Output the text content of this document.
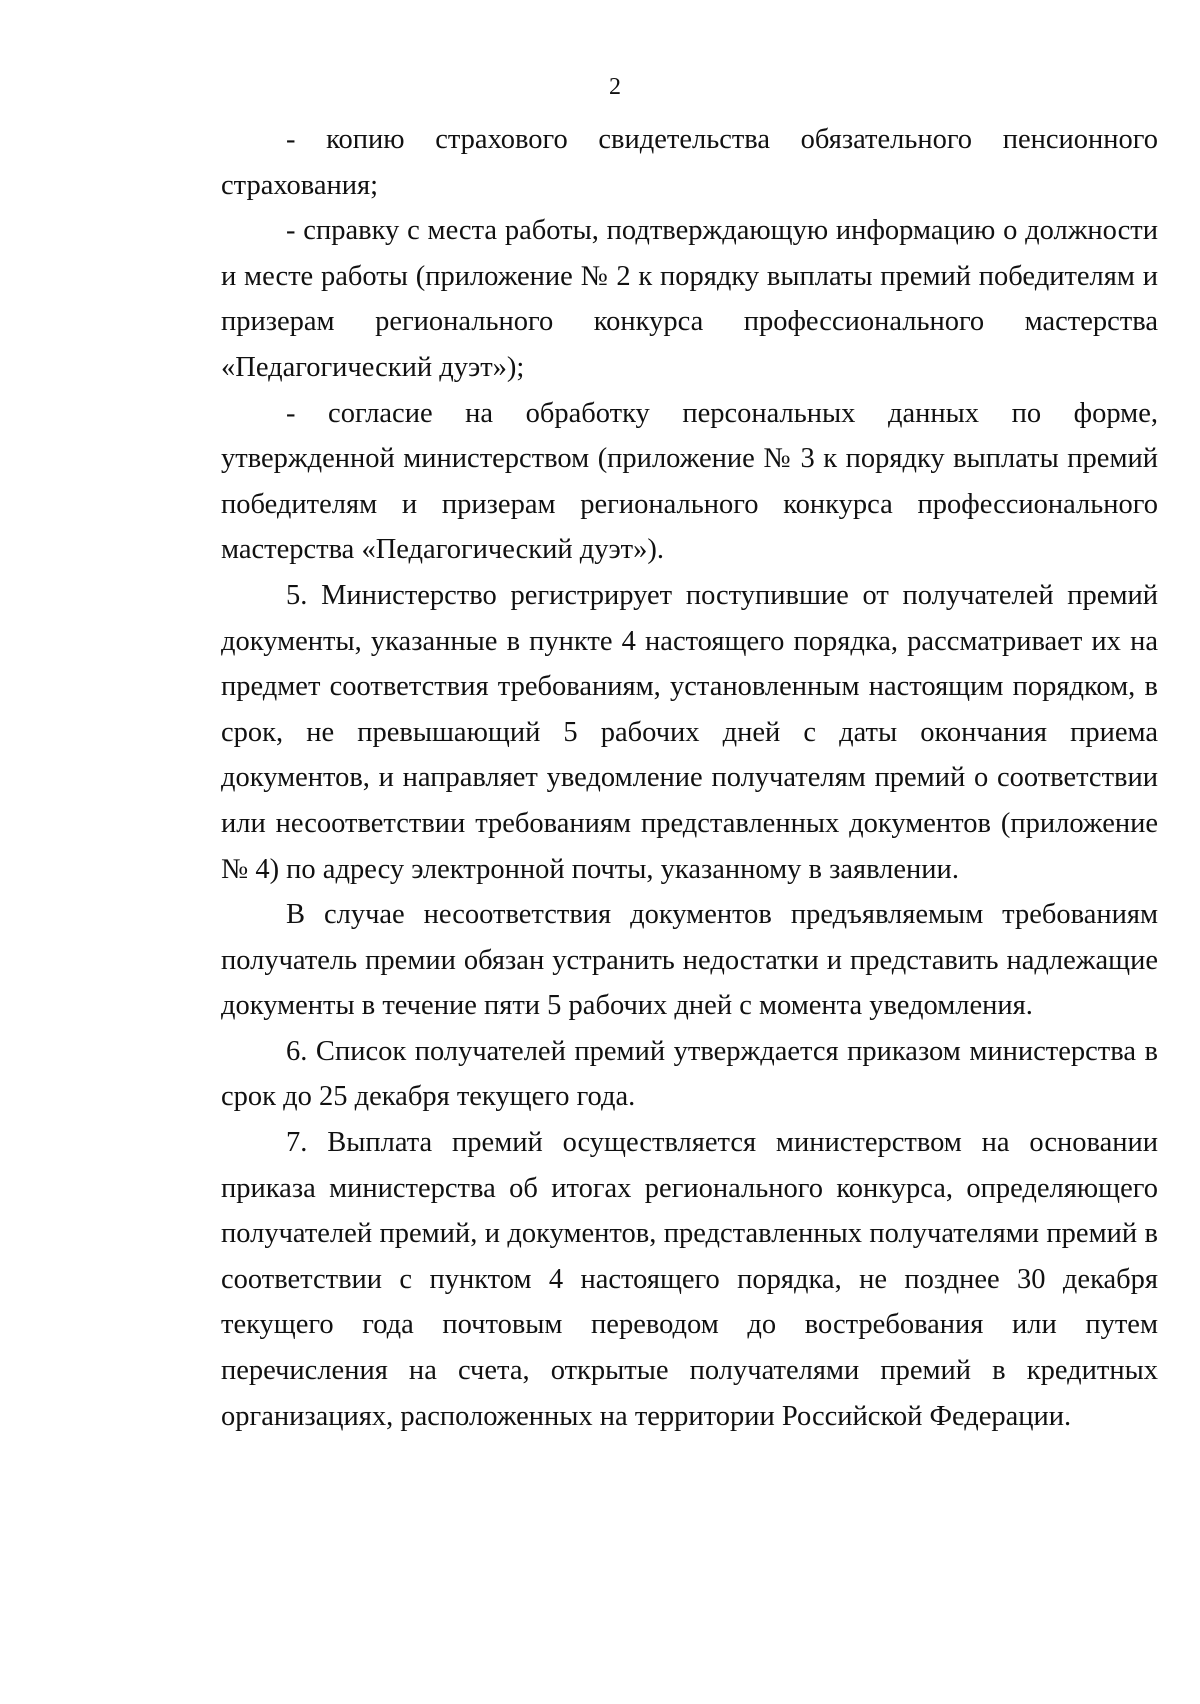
2

- копию страхового свидетельства обязательного пенсионного страхования;

- справку с места работы, подтверждающую информацию о должности и месте работы (приложение № 2 к порядку выплаты премий победителям и призерам регионального конкурса профессионального мастерства «Педагогический дуэт»);

- согласие на обработку персональных данных по форме, утвержденной министерством (приложение № 3 к порядку выплаты премий победителям и призерам регионального конкурса профессионального мастерства «Педагогический дуэт»).

5. Министерство регистрирует поступившие от получателей премий документы, указанные в пункте 4 настоящего порядка, рассматривает их на предмет соответствия требованиям, установленным настоящим порядком, в срок, не превышающий 5 рабочих дней с даты окончания приема документов, и направляет уведомление получателям премий о соответствии или несоответствии требованиям представленных документов (приложение № 4) по адресу электронной почты, указанному в заявлении.

В случае несоответствия документов предъявляемым требованиям получатель премии обязан устранить недостатки и представить надлежащие документы в течение пяти 5 рабочих дней с момента уведомления.

6. Список получателей премий утверждается приказом министерства в срок до 25 декабря текущего года.

7. Выплата премий осуществляется министерством на основании приказа министерства об итогах регионального конкурса, определяющего получателей премий, и документов, представленных получателями премий в соответствии с пунктом 4 настоящего порядка, не позднее 30 декабря текущего года почтовым переводом до востребования или путем перечисления на счета, открытые получателями премий в кредитных организациях, расположенных на территории Российской Федерации.
